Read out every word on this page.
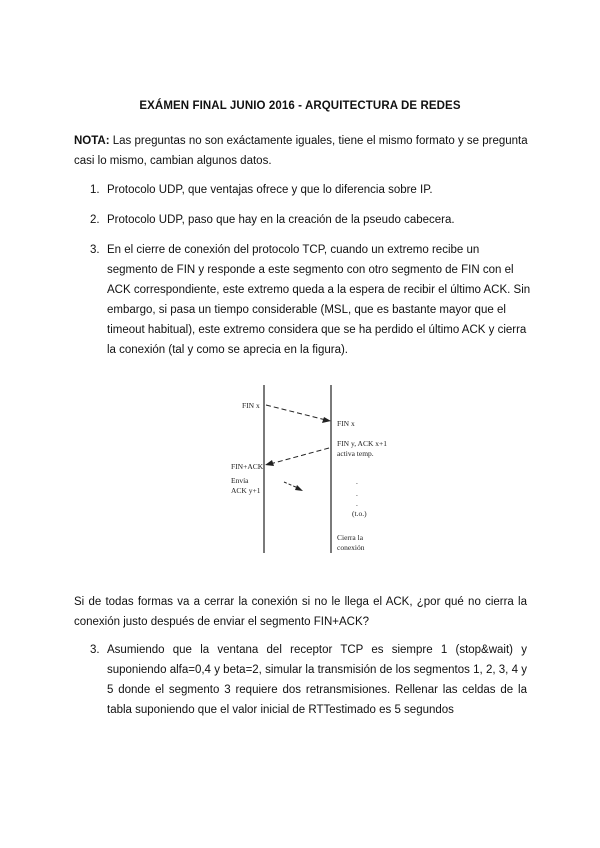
EXÁMEN FINAL JUNIO 2016 - ARQUITECTURA DE REDES
NOTA: Las preguntas no son exáctamente iguales, tiene el mismo formato y se pregunta casi lo mismo, cambian algunos datos.
1. Protocolo UDP, que ventajas ofrece y que lo diferencia sobre IP.
2. Protocolo UDP, paso que hay en la creación de la pseudo cabecera.
3. En el cierre de conexión del protocolo TCP, cuando un extremo recibe un segmento de FIN y responde a este segmento con otro segmento de FIN con el ACK correspondiente, este extremo queda a la espera de recibir el último ACK. Sin embargo, si pasa un tiempo considerable (MSL, que es bastante mayor que el timeout habitual), este extremo considera que se ha perdido el último ACK y cierra la conexión (tal y como se aprecia en la figura).
FIN x
FIN+ACK
Envía
ACK y+1
FIN x
FIN y, ACK x+1
activa temp.
.
.
.
(t.o.)
Cierra la
conexión
Si de todas formas va a cerrar la conexión si no le llega el ACK, ¿por qué no cierra la conexión justo después de enviar el segmento FIN+ACK?
3. Asumiendo que la ventana del receptor TCP es siempre 1 (stop&wait) y suponiendo alfa=0,4 y beta=2, simular la transmisión de los segmentos 1, 2, 3, 4 y 5 donde el segmento 3 requiere dos retransmisiones. Rellenar las celdas de la tabla suponiendo que el valor inicial de RTTestimado es 5 segundos
